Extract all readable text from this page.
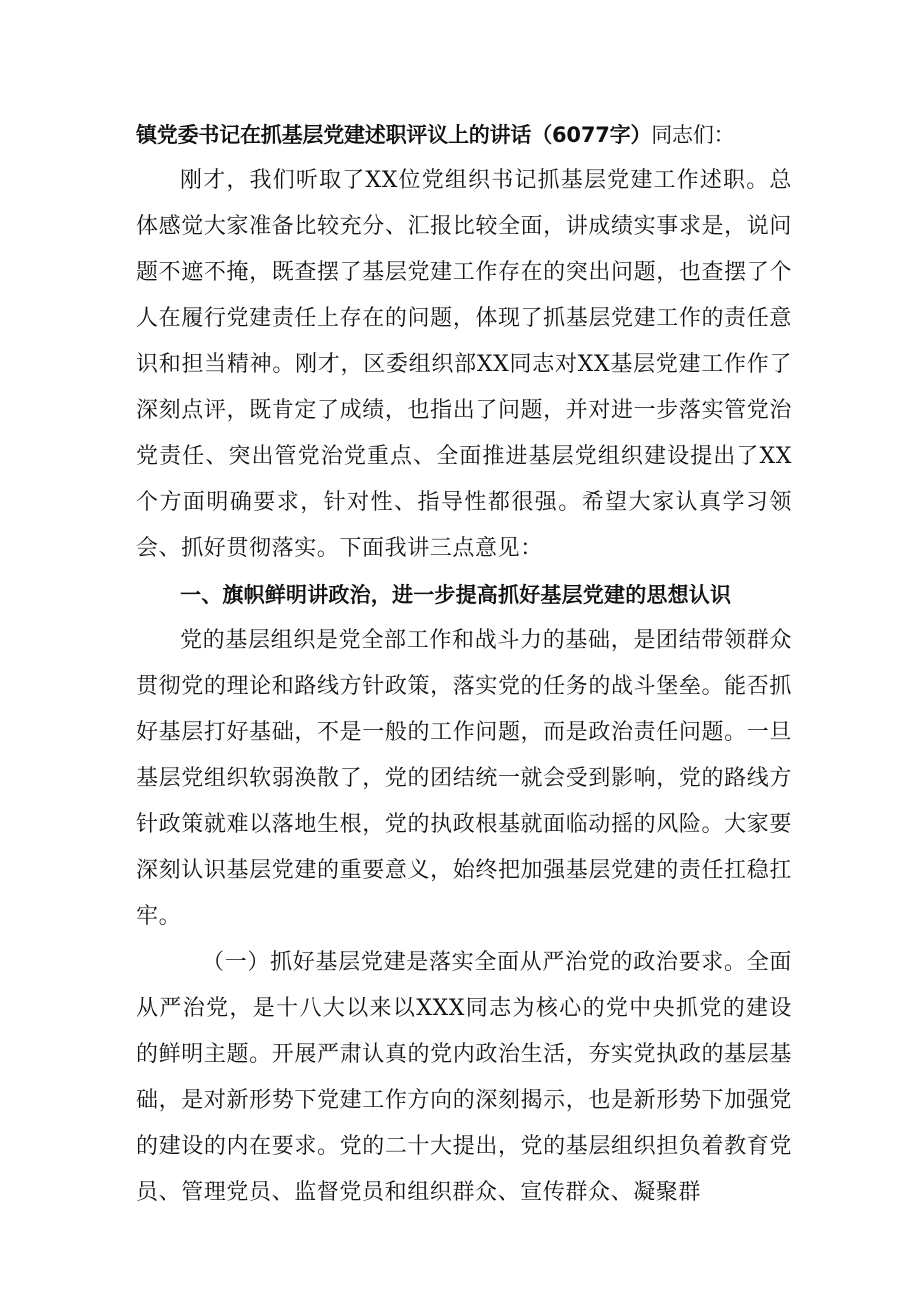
镇党委书记在抓基层党建述职评议上的讲话（6077字）同志们：

刚才，我们听取了XX位党组织书记抓基层党建工作述职。总体感觉大家准备比较充分、汇报比较全面，讲成绩实事求是，说问题不遮不掩，既查摆了基层党建工作存在的突出问题，也查摆了个人在履行党建责任上存在的问题，体现了抓基层党建工作的责任意识和担当精神。刚才，区委组织部XX同志对XX基层党建工作作了深刻点评，既肯定了成绩，也指出了问题，并对进一步落实管党治党责任、突出管党治党重点、全面推进基层党组织建设提出了XX个方面明确要求，针对性、指导性都很强。希望大家认真学习领会、抓好贯彻落实。下面我讲三点意见：

一、旗帜鲜明讲政治，进一步提高抓好基层党建的思想认识

党的基层组织是党全部工作和战斗力的基础，是团结带领群众贯彻党的理论和路线方针政策，落实党的任务的战斗堡垒。能否抓好基层打好基础，不是一般的工作问题，而是政治责任问题。一旦基层党组织软弱涣散了，党的团结统一就会受到影响，党的路线方针政策就难以落地生根，党的执政根基就面临动摇的风险。大家要深刻认识基层党建的重要意义，始终把加强基层党建的责任扛稳扛牢。

（一）抓好基层党建是落实全面从严治党的政治要求。全面从严治党，是十八大以来以XXX同志为核心的党中央抓党的建设的鲜明主题。开展严肃认真的党内政治生活，夯实党执政的基层基础，是对新形势下党建工作方向的深刻揭示，也是新形势下加强党的建设的内在要求。党的二十大提出，党的基层组织担负着教育党员、管理党员、监督党员和组织群众、宣传群众、凝聚群
